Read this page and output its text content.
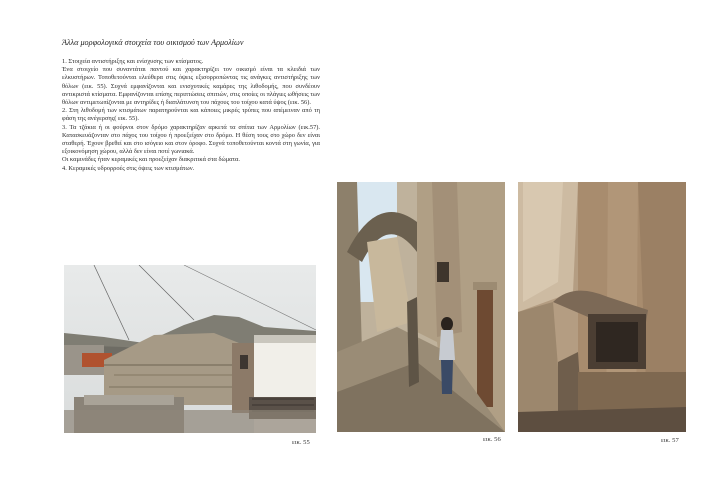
Άλλα μορφολογικά στοιχεία του οικισμού των Αρμολίων

1. Στοιχεία αντιστήριξης και ενίσχυσης των κτίσματος.

Ένα στοιχείο που συναντάται παντού και χαρακτηρίζει τον οικισμό είναι τα κλειδιά των ελκυστήρων. Τοποθετούνται ελεύθερα στις όψεις εξισορροπώντας τις ανάγκες αντιστήριξης των θόλων (εικ. 55). Συχνά εμφανίζονται και ενισχυτικές καμάρες της λιθοδομής, που συνδέουν αντικριστά κτίσματα. Εμφανίζονται επίσης περιπτώσεις σπιτιών, στις οποίες οι πλάγιες ωθήσεις των θόλων αντιμετωπίζονται με αντηρίδες ή διαπλάτυνση του πάχους του τοίχου κατά ύψος (εικ. 56).

2. Στη λιθοδομή των κτισμάτων παρατηρούνται και κάποιες μικρές τρύπες που απέμειναν από τη φάση της ανέγερσης( εικ. 55).

3. Τα τζάκια ή οι φούρνοι στον δρόμο χαρακτηρίζαν αρκετά τα σπίτια των Αρμολίων (εικ.57). Κατασκευάζονταν στο πάχος του τοίχου ή προεξείχαν στο δρόμο. Η θέση τους στο χώρο δεν είναι σταθερή. Έχουν βρεθεί και στο ισόγειο και στον όροφο. Συχνά τοποθετούνται κοντά στη γωνία, για εξοικονόμηση χώρου, αλλά δεν είναι ποτέ γωνιακά.

Οι καμινάδες ήταν κεραμικές και προεξείχαν διακριτικά στα δώματα.

4. Κεραμικές υδρορροές στις όψεις των κτισμάτων.

εικ. 55	εικ. 56	εικ. 57
